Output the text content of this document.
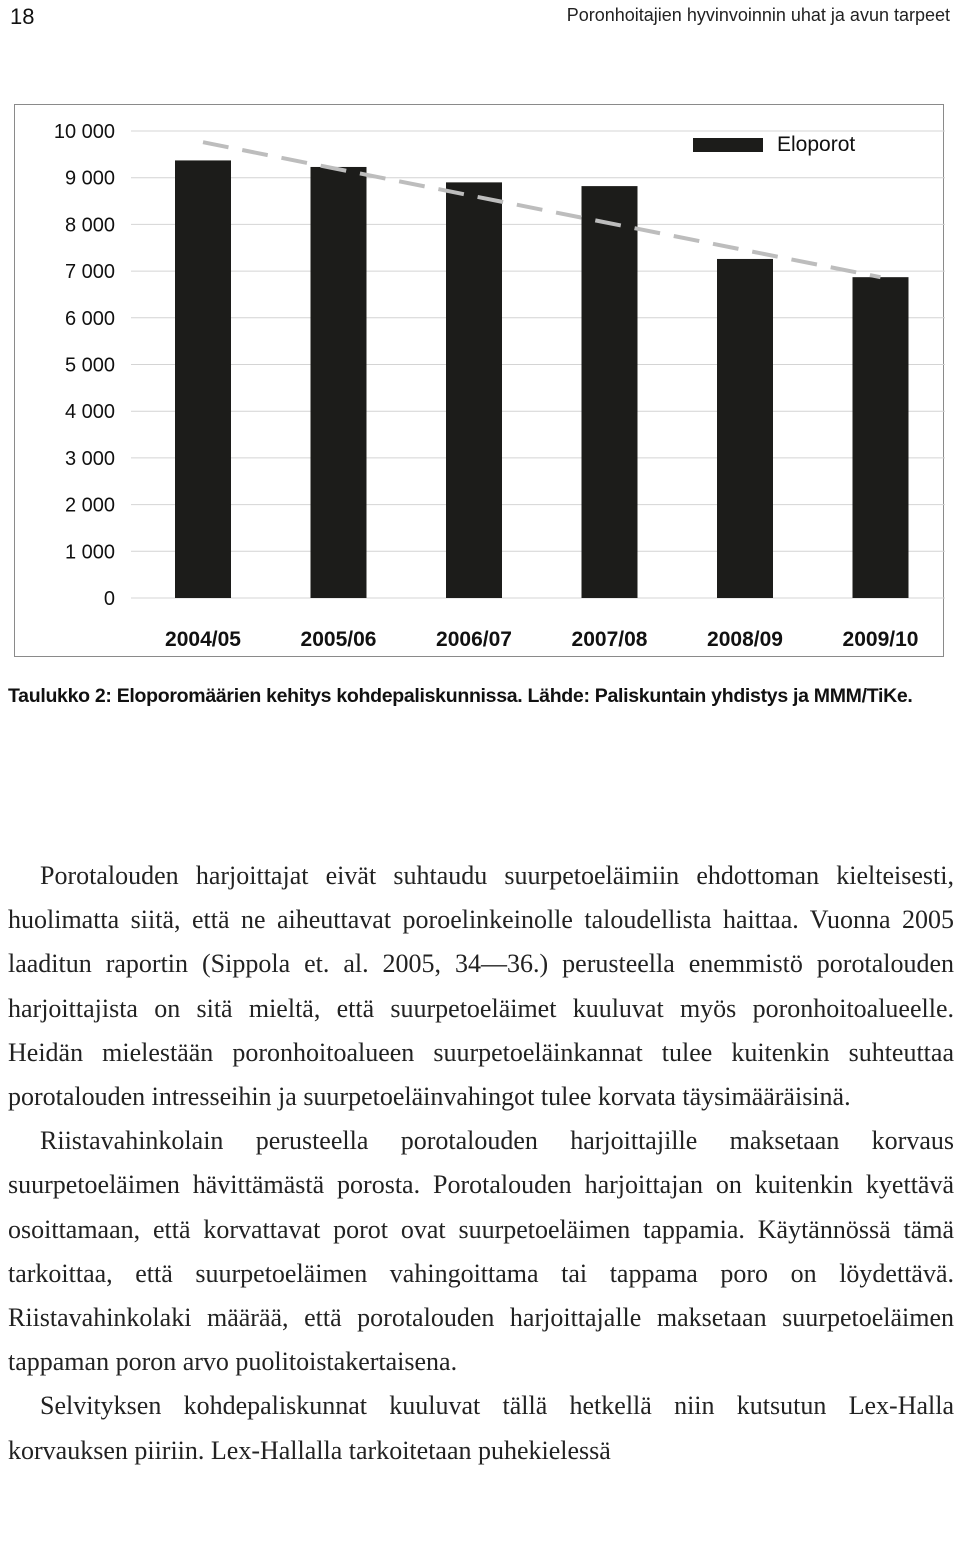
18	Poronhoitajien hyvinvoinnin uhat ja avun tarpeet
0
1 000
2 000
3 000
4 000
5 000
6 000
7 000
8 000
9 000
10 000
2004/05	2005/06	2006/07	2007/08	2008/09	2009/10
Eloporot
Taulukko 2: Eloporomäärien kehitys kohdepaliskunnissa. Lähde: Paliskuntain yhdistys ja MMM/TiKe.

Porotalouden harjoittajat eivät suhtaudu suurpetoeläimiin ehdottoman kielteisesti, huolimatta siitä, että ne aiheuttavat poroelinkeinolle taloudellista haittaa. Vuonna 2005 laaditun raportin (Sippola et. al. 2005, 34—36.) perusteella enemmistö porotalouden harjoittajista on sitä mieltä, että suurpetoeläimet kuuluvat myös poronhoitoalueelle. Heidän mielestään poronhoitoalueen suurpetoeläinkannat tulee kuitenkin suhteuttaa porotalouden intresseihin ja suurpetoeläinvahingot tulee korvata täysimääräisinä.

Riistavahinkolain perusteella porotalouden harjoittajille maksetaan korvaus suurpetoeläimen hävittämästä porosta. Porotalouden harjoittajan on kuitenkin kyettävä osoittamaan, että korvattavat porot ovat suurpetoeläimen tappamia. Käytännössä tämä tarkoittaa, että suurpetoeläimen vahingoittama tai tappama poro on löydettävä. Riistavahinkolaki määrää, että porotalouden harjoittajalle maksetaan suurpetoeläimen tappaman poron arvo puolitoistakertaisena.

Selvityksen kohdepaliskunnat kuuluvat tällä hetkellä niin kutsutun Lex-Halla korvauksen piiriin. Lex-Hallalla tarkoitetaan puhekielessä
